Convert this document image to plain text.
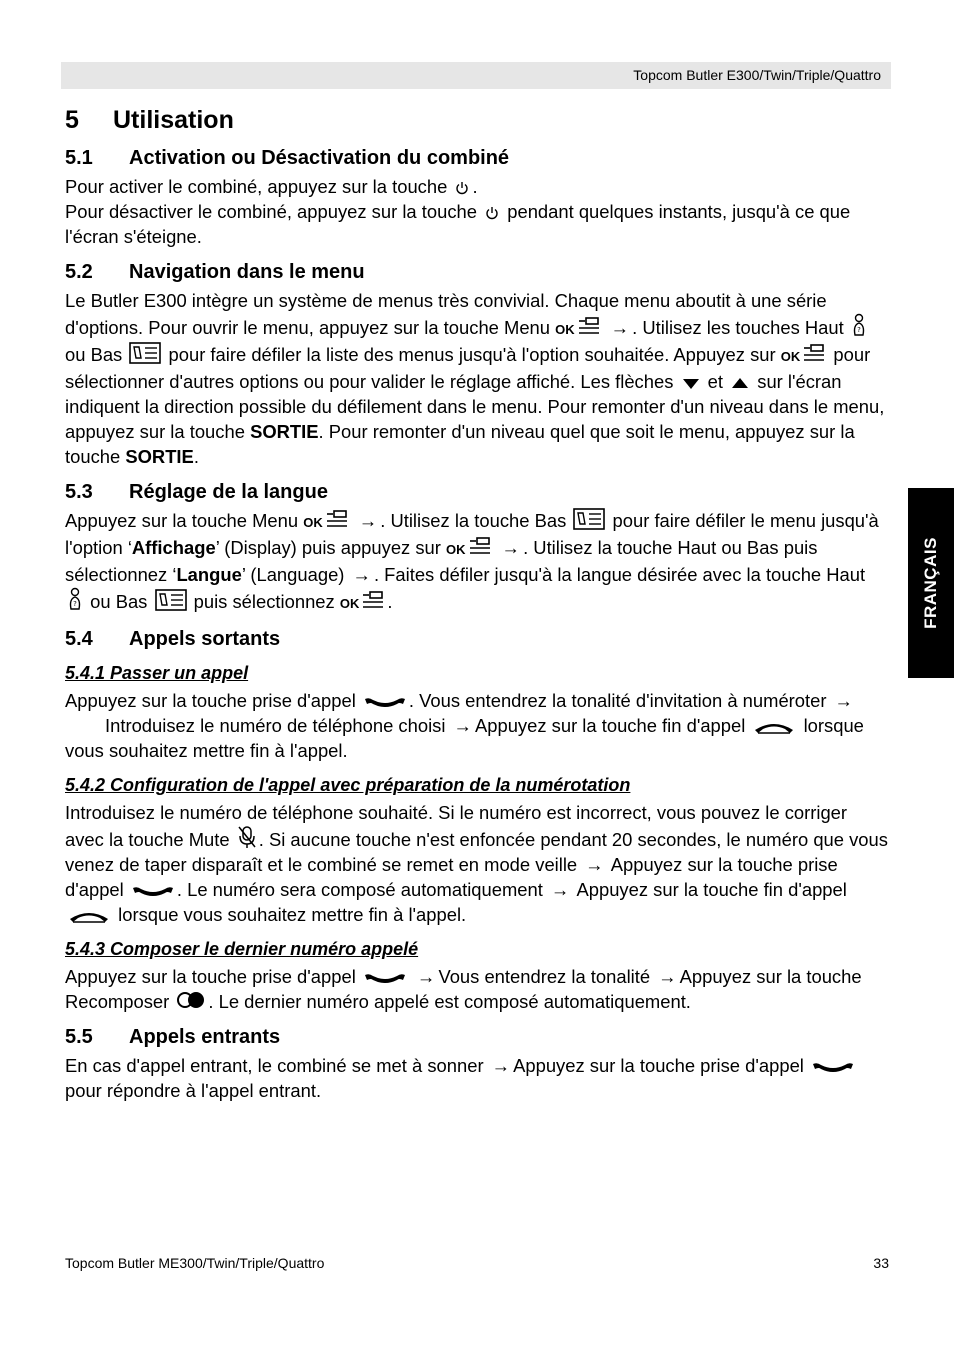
Topcom Butler E300/Twin/Triple/Quattro
FRANÇAIS
5 Utilisation
5.1 Activation ou Désactivation du combiné

Pour activer le combiné, appuyez sur la touche .

Pour désactiver le combiné, appuyez sur la touche pendant quelques instants, jusqu'à ce que l'écran s'éteigne.

5.2 Navigation dans le menu

Le Butler E300 intègre un système de menus très convivial. Chaque menu aboutit à une série d'options. Pour ouvrir le menu, appuyez sur la touche Menu OK → . Utilisez les touches Haut  ou Bas	pour faire défiler la liste des menus jusqu'à l'option souhaitée. Appuyez sur OK pour sélectionner d'autres options ou pour valider le réglage affiché. Les flèches et sur l'écran indiquent la direction possible du défilement dans le menu. Pour remonter d'un niveau dans le menu, appuyez sur la touche SORTIE. Pour remonter d'un niveau quel que soit le menu, appuyez sur la touche SORTIE.

5.3 Réglage de la langue

Appuyez sur la touche Menu OK → . Utilisez la touche Bas	pour faire défiler le menu jusqu'à l'option ‘Affichage’ (Display) puis appuyez sur OK → . Utilisez la touche Haut ou Bas puis sélectionnez ‘Langue’ (Language) → . Faites défiler jusqu'à la langue désirée avec la touche Haut  ou Bas	puis sélectionnez OK .

5.4 Appels sortants
5.4.1 Passer un appel

Appuyez sur la touche prise d'appel	. Vous entendrez la tonalité d'invitation à numéroter → Introduisez le numéro de téléphone choisi → Appuyez sur la touche fin d'appel	lorsque vous souhaitez mettre fin à l'appel.

5.4.2 Configuration de l'appel avec préparation de la numérotation

Introduisez le numéro de téléphone souhaité. Si le numéro est incorrect, vous pouvez le corriger avec la touche Mute . Si aucune touche n'est enfoncée pendant 20 secondes, le numéro que vous venez de taper disparaît et le combiné se remet en mode veille → Appuyez sur la touche prise d'appel	. Le numéro sera composé automatiquement → Appuyez sur la touche fin d'appel  lorsque vous souhaitez mettre fin à l'appel.

5.4.3 Composer le dernier numéro appelé

Appuyez sur la touche prise d'appel	→ Vous entendrez la tonalité → Appuyez sur la touche Recomposer . Le dernier numéro appelé est composé automatiquement.

5.5 Appels entrants

En cas d'appel entrant, le combiné se met à sonner → Appuyez sur la touche prise d'appel  pour répondre à l'appel entrant.

Topcom Butler ME300/Twin/Triple/Quattro	33
